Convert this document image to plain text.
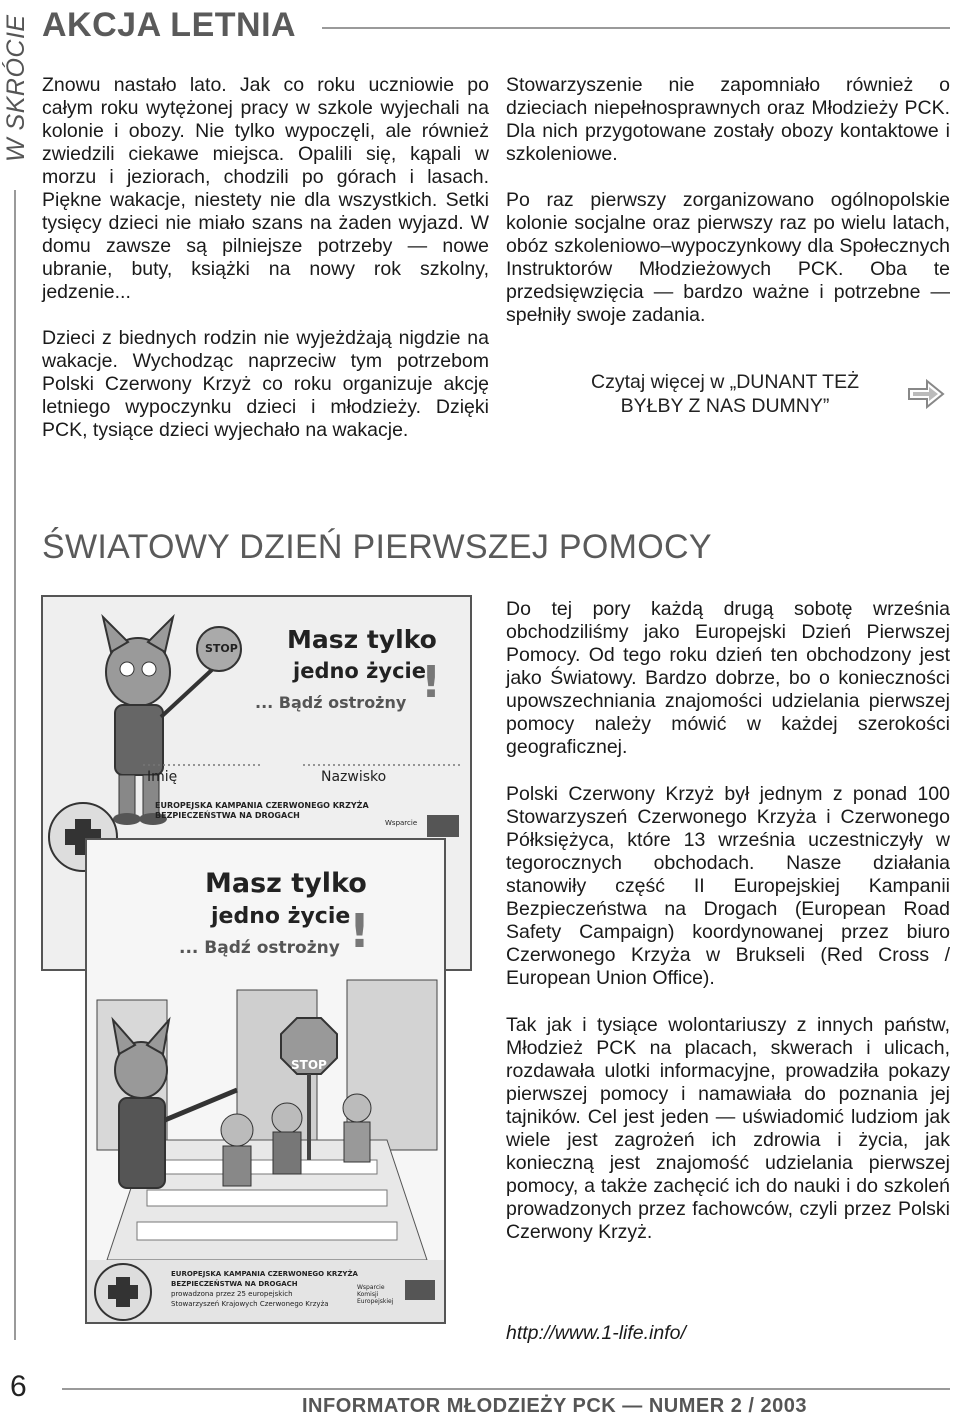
W SKRÓCIE AKCJA LETNIA

Znowu nastało lato. Jak co roku uczniowie po całym roku wytężonej pracy w szkole wyjechali na kolonie i obozy. Nie tylko wypoczęli, ale również zwiedzili ciekawe miejsca. Opalili się, kąpali w morzu i jeziorach, chodzili po górach i lasach. Piękne wakacje, niestety nie dla wszystkich. Setki tysięcy dzieci nie miało szans na żaden wyjazd. W domu zawsze są pilniejsze potrzeby — nowe ubranie, buty, książki na nowy rok szkolny, jedzenie...

Dzieci z biednych rodzin nie wyjeżdżają nigdzie na wakacje. Wychodząc naprzeciw tym potrzebom Polski Czerwony Krzyż co roku organizuje akcję letniego wypoczynku dzieci i młodzieży. Dzięki PCK, tysiące dzieci wyjechało na wakacje.

Stowarzyszenie nie zapomniało również o dzieciach niepełnosprawnych oraz Młodzieży PCK. Dla nich przygotowane zostały obozy kontaktowe i szkoleniowe.

Po raz pierwszy zorganizowano ogólnopolskie kolonie socjalne oraz pierwszy raz po wielu latach, obóz szkoleniowo–wypoczynkowy dla Społecznych Instruktorów Młodzieżowych PCK. Oba te przedsięwzięcia — bardzo ważne i potrzebne — spełniły swoje zadania.

Czytaj więcej w „DUNANT TEŻ
BYŁBY Z NAS DUMNY”
ŚWIATOWY DZIEŃ PIERWSZEJ POMOCY
Masz tylko
jedno życie
... Bądź ostrożny !
STOP
Imię	Nazwisko
EUROPEJSKA KAMPANIA CZERWONEGO KRZYŻA
BEZPIECZEŃSTWA NA DROGACH
Wsparcie
Masz tylko
jedno życie
... Bądź ostrożny !
STOP
EUROPEJSKA KAMPANIA CZERWONEGO KRZYŻA
BEZPIECZEŃSTWA NA DROGACH
prowadzona przez 25 europejskich
Stowarzyszeń Krajowych Czerwonego Krzyża
Wsparcie Komisji Europejskiej

Do tej pory każdą drugą sobotę września obchodziliśmy jako Europejski Dzień Pierwszej Pomocy. Od tego roku dzień ten obchodzony jest jako Światowy. Bardzo dobrze, bo o konieczności upowszechniania znajomości udzielania pierwszej pomocy należy mówić w każdej szerokości geograficznej.

Polski Czerwony Krzyż był jednym z ponad 100 Stowarzyszeń Czerwonego Krzyża i Czerwonego Półksiężyca, które 13 września uczestniczyły w tegorocznych obchodach. Nasze działania stanowiły część II Europejskiej Kampanii Bezpieczeństwa na Drogach (European Road Safety Campaign) koordynowanej przez biuro Czerwonego Krzyża w Brukseli (Red Cross / European Union Office).

Tak jak i tysiące wolontariuszy z innych państw, Młodzież PCK na placach, skwerach i ulicach, rozdawała ulotki informacyjne, prowadziła pokazy pierwszej pomocy i namawiała do poznania jej tajników. Cel jest jeden — uświadomić ludziom jak wiele jest zagrożeń ich zdrowia i życia, jak konieczną jest znajomość udzielania pierwszej pomocy, a także zachęcić ich do nauki i do szkoleń prowadzonych przez fachowców, czyli przez Polski Czerwony Krzyż.

http://www.1-life.info/
6
INFORMATOR MŁODZIEŻY PCK — NUMER 2 / 2003
